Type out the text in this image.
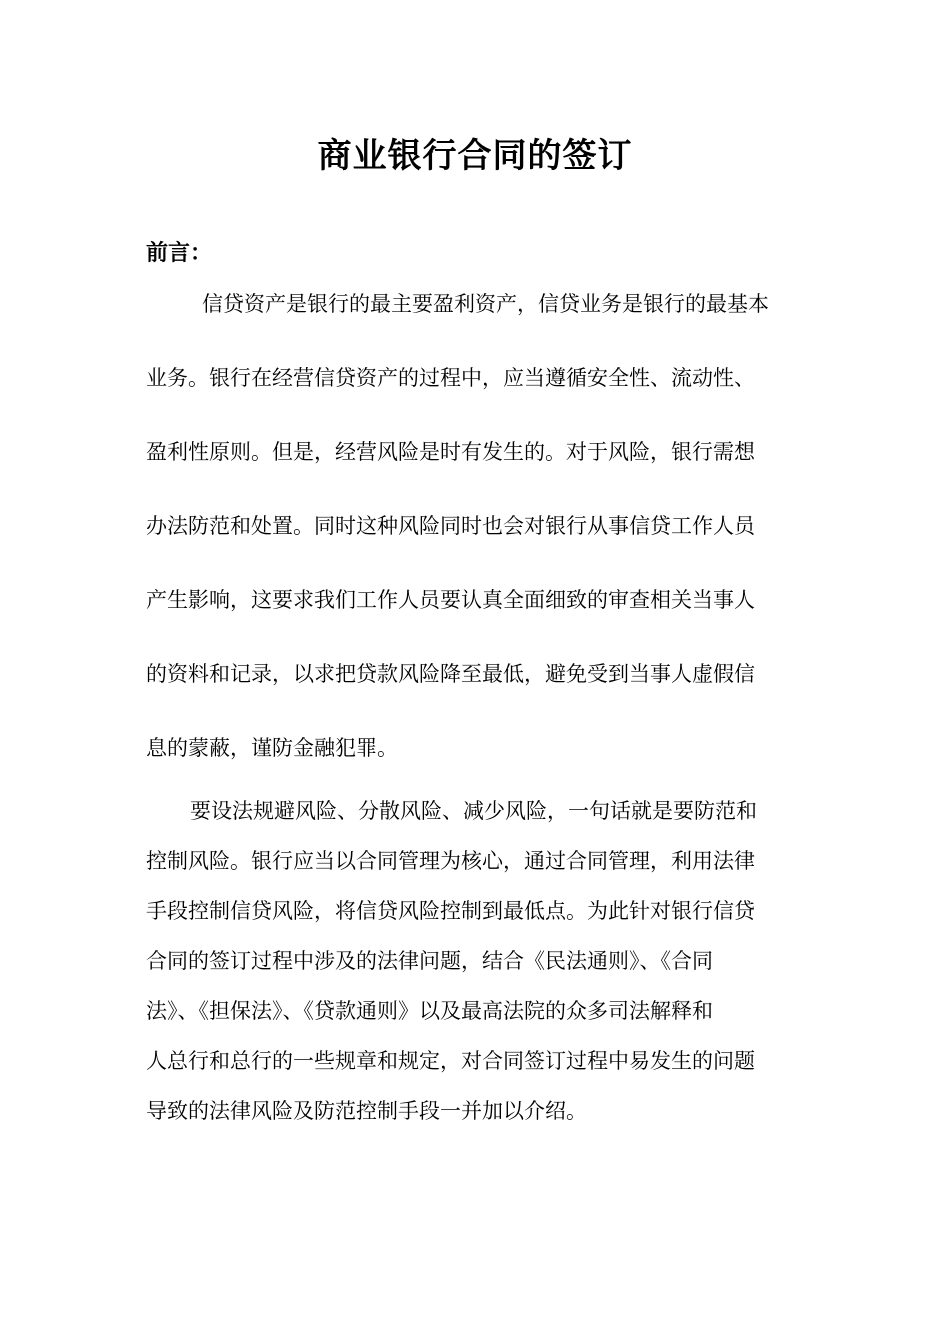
商业银行合同的签订
前言：

信贷资产是银行的最主要盈利资产，信贷业务是银行的最基本

业务。银行在经营信贷资产的过程中，应当遵循安全性、流动性、

盈利性原则。但是，经营风险是时有发生的。对于风险，银行需想

办法防范和处置。同时这种风险同时也会对银行从事信贷工作人员

产生影响，这要求我们工作人员要认真全面细致的审查相关当事人

的资料和记录，以求把贷款风险降至最低，避免受到当事人虚假信

息的蒙蔽，谨防金融犯罪。

要设法规避风险、分散风险、减少风险，一句话就是要防范和

控制风险。银行应当以合同管理为核心，通过合同管理，利用法律

手段控制信贷风险，将信贷风险控制到最低点。为此针对银行信贷

合同的签订过程中涉及的法律问题，结合《民法通则》、《合同

法》、《担保法》、《贷款通则》以及最高法院的众多司法解释和

人总行和总行的一些规章和规定，对合同签订过程中易发生的问题

导致的法律风险及防范控制手段一并加以介绍。
